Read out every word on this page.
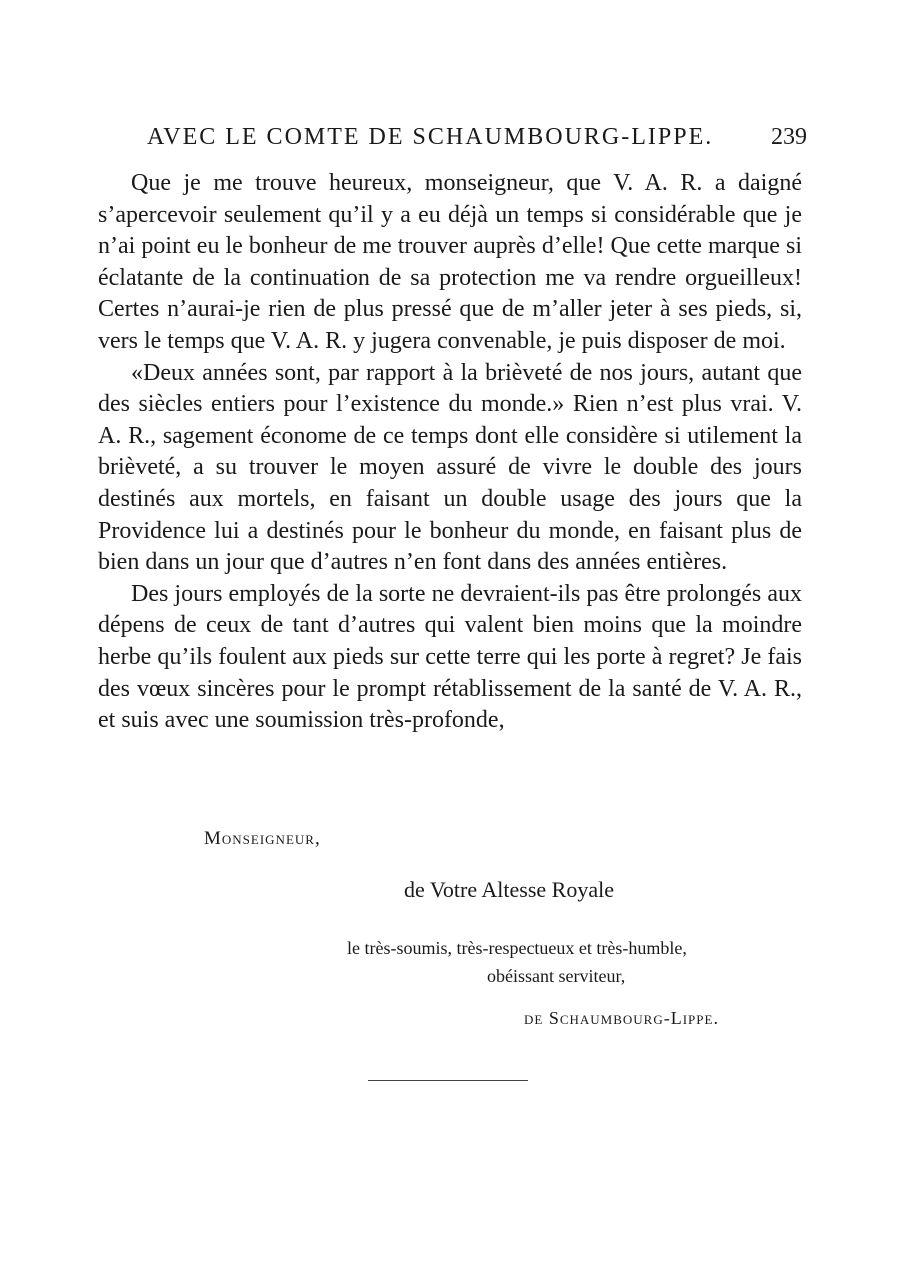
AVEC LE COMTE DE SCHAUMBOURG-LIPPE. 239

Que je me trouve heureux, monseigneur, que V. A. R. a daigné s’apercevoir seulement qu’il y a eu déjà un temps si considérable que je n’ai point eu le bonheur de me trouver auprès d’elle! Que cette marque si éclatante de la continuation de sa protection me va rendre orgueilleux! Certes n’aurai-je rien de plus pressé que de m’aller jeter à ses pieds, si, vers le temps que V. A. R. y jugera convenable, je puis disposer de moi.

«Deux années sont, par rapport à la brièveté de nos jours, autant que des siècles entiers pour l’existence du monde.» Rien n’est plus vrai. V. A. R., sagement économe de ce temps dont elle considère si utilement la brièveté, a su trouver le moyen assuré de vivre le double des jours destinés aux mortels, en faisant un double usage des jours que la Providence lui a destinés pour le bonheur du monde, en faisant plus de bien dans un jour que d’autres n’en font dans des années entières.

Des jours employés de la sorte ne devraient-ils pas être prolongés aux dépens de ceux de tant d’autres qui valent bien moins que la moindre herbe qu’ils foulent aux pieds sur cette terre qui les porte à regret? Je fais des vœux sincères pour le prompt rétablissement de la santé de V. A. R., et suis avec une soumission très-profonde,

Monseigneur,
de Votre Altesse Royale
le très-soumis, très-respectueux et très-humble,
obéissant serviteur,
de Schaumbourg-Lippe.
